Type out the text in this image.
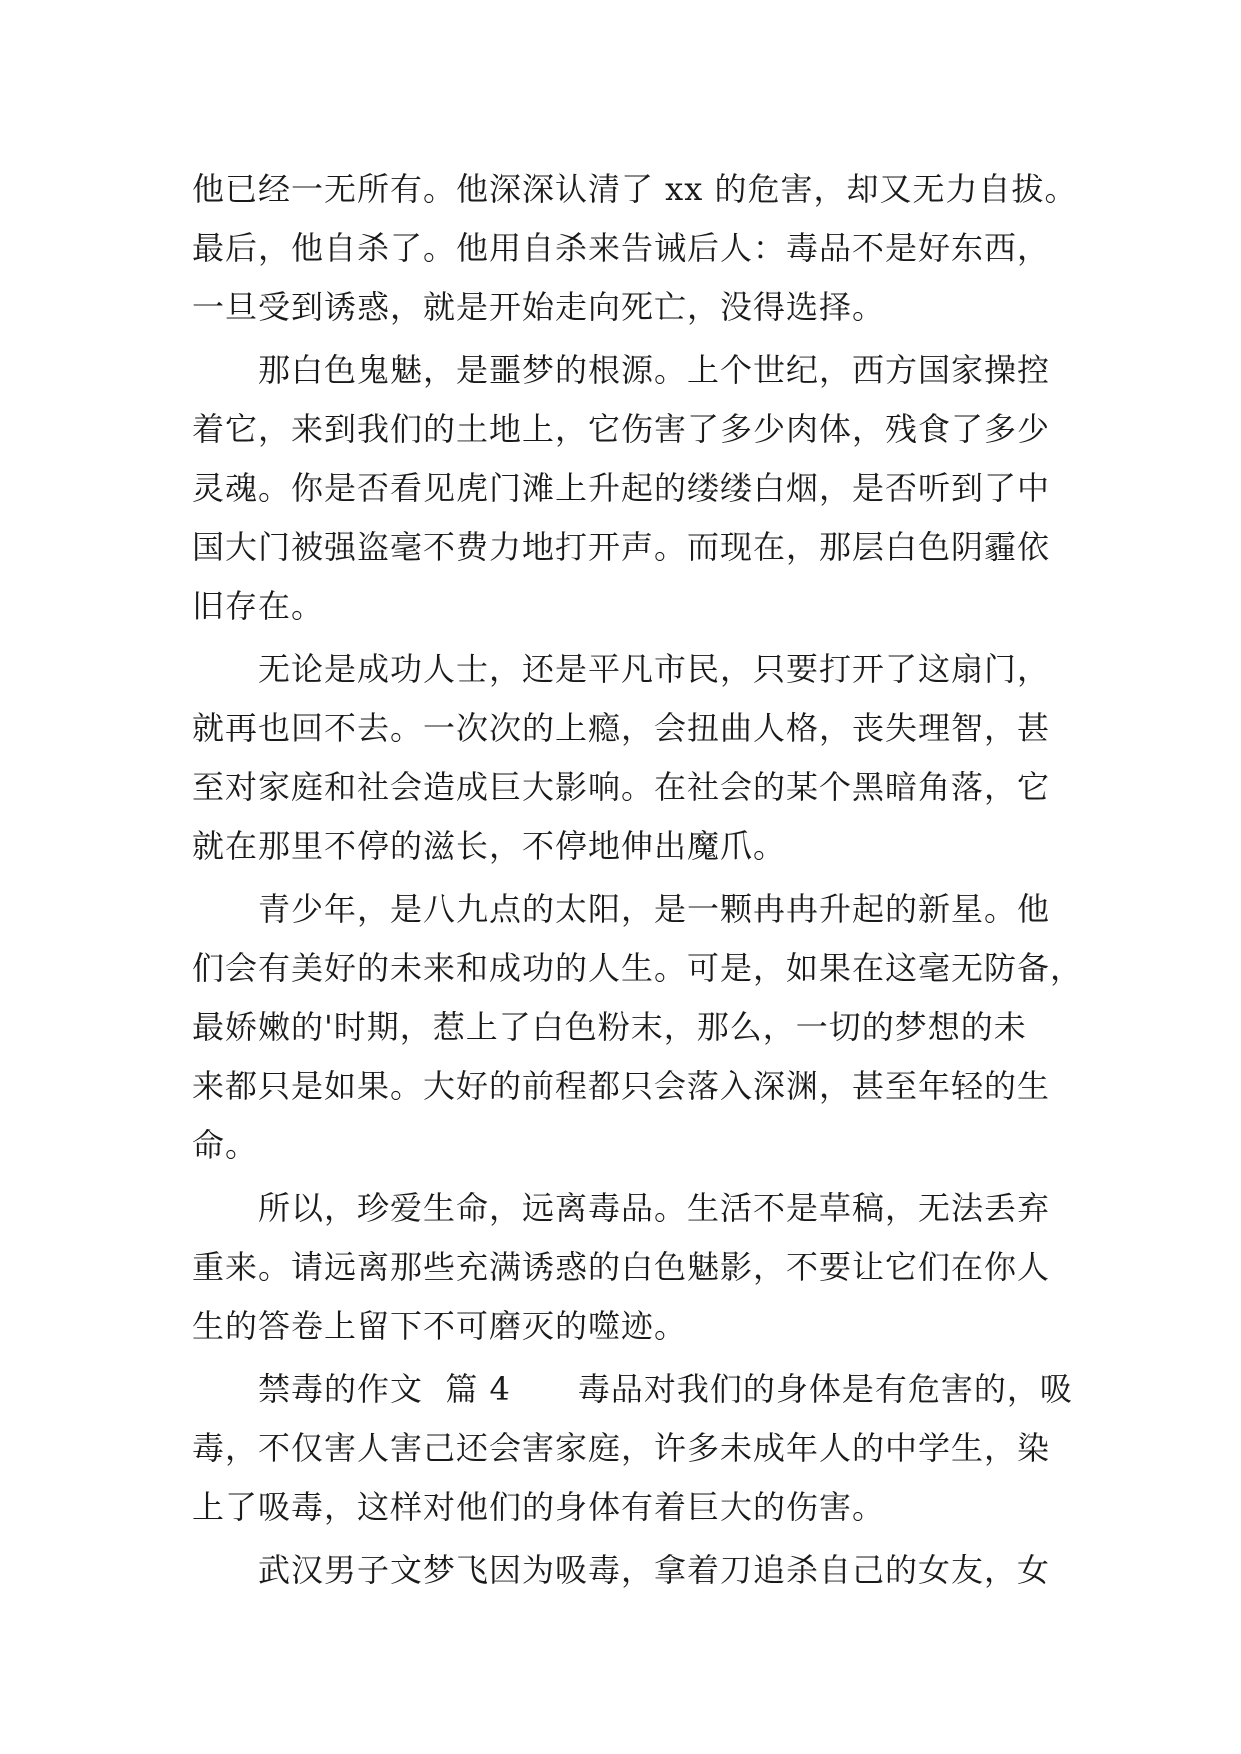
他已经一无所有。他深深认清了 xx 的危害，却又无力自拔。
最后，他自杀了。他用自杀来告诫后人：毒品不是好东西，
一旦受到诱惑，就是开始走向死亡，没得选择。
那白色鬼魅，是噩梦的根源。上个世纪，西方国家操控
着它，来到我们的土地上，它伤害了多少肉体，残食了多少
灵魂。你是否看见虎门滩上升起的缕缕白烟，是否听到了中
国大门被强盗毫不费力地打开声。而现在，那层白色阴霾依
旧存在。
无论是成功人士，还是平凡市民，只要打开了这扇门，
就再也回不去。一次次的上瘾，会扭曲人格，丧失理智，甚
至对家庭和社会造成巨大影响。在社会的某个黑暗角落，它
就在那里不停的滋长，不停地伸出魔爪。
青少年，是八九点的太阳，是一颗冉冉升起的新星。他
们会有美好的未来和成功的人生。可是，如果在这毫无防备，
最娇嫩的'时期，惹上了白色粉末，那么，一切的梦想的未
来都只是如果。大好的前程都只会落入深渊，甚至年轻的生
命。
所以，珍爱生命，远离毒品。生活不是草稿，无法丢弃
重来。请远离那些充满诱惑的白色魅影，不要让它们在你人
生的答卷上留下不可磨灭的噬迹。
禁毒的作文  篇 4      毒品对我们的身体是有危害的，吸
毒，不仅害人害己还会害家庭，许多未成年人的中学生，染
上了吸毒，这样对他们的身体有着巨大的伤害。
武汉男子文梦飞因为吸毒，拿着刀追杀自己的女友，女
